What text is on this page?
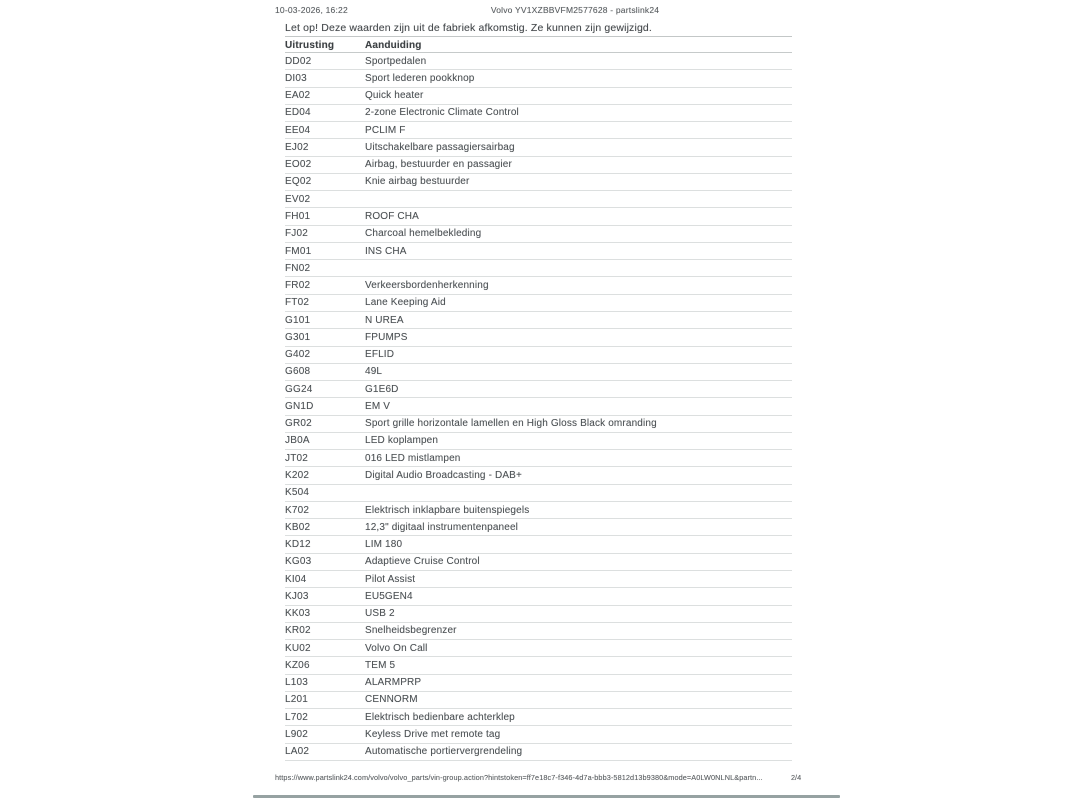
10-03-2026, 16:22	Volvo YV1XZBBVFM2577628 - partslink24
Let op! Deze waarden zijn uit de fabriek afkomstig. Ze kunnen zijn gewijzigd.
Uitrusting	Aanduiding
DD02	Sportpedalen
DI03	Sport lederen pookknop
EA02	Quick heater
ED04	2-zone Electronic Climate Control
EE04	PCLIM F
EJ02	Uitschakelbare passagiersairbag
EO02	Airbag, bestuurder en passagier
EQ02	Knie airbag bestuurder
EV02
FH01	ROOF CHA
FJ02	Charcoal hemelbekleding
FM01	INS CHA
FN02
FR02	Verkeersbordenherkenning
FT02	Lane Keeping Aid
G101	N UREA
G301	FPUMPS
G402	EFLID
G608	49L
GG24	G1E6D
GN1D	EM V
GR02	Sport grille horizontale lamellen en High Gloss Black omranding
JB0A	LED koplampen
JT02	016 LED mistlampen
K202	Digital Audio Broadcasting - DAB+
K504
K702	Elektrisch inklapbare buitenspiegels
KB02	12,3" digitaal instrumentenpaneel
KD12	LIM 180
KG03	Adaptieve Cruise Control
KI04	Pilot Assist
KJ03	EU5GEN4
KK03	USB 2
KR02	Snelheidsbegrenzer
KU02	Volvo On Call
KZ06	TEM 5
L103	ALARMPRP
L201	CENNORM
L702	Elektrisch bedienbare achterklep
L902	Keyless Drive met remote tag
LA02	Automatische portiervergrendeling
https://www.partslink24.com/volvo/volvo_parts/vin-group.action?hintstoken=ff7e18c7-f346-4d7a-bbb3-5812d13b9380&mode=A0LW0NLNL&partn...	2/4
